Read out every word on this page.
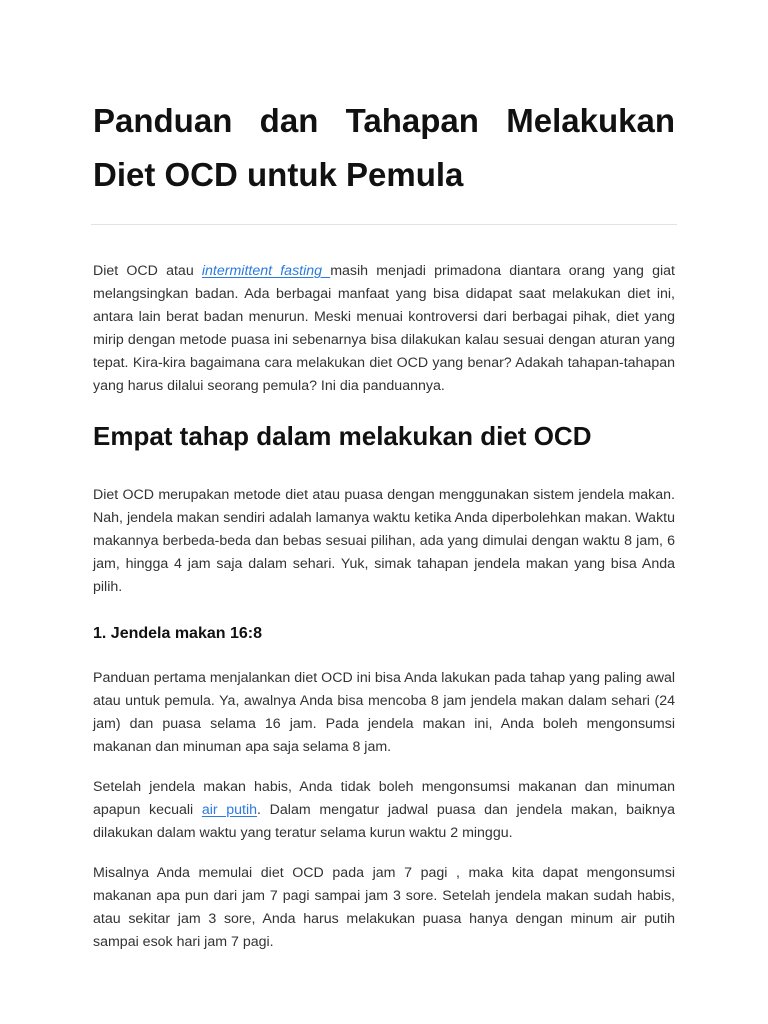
Panduan dan Tahapan Melakukan Diet OCD untuk Pemula

Diet OCD atau intermittent fasting masih menjadi primadona diantara orang yang giat melangsingkan badan. Ada berbagai manfaat yang bisa didapat saat melakukan diet ini, antara lain berat badan menurun. Meski menuai kontroversi dari berbagai pihak, diet yang mirip dengan metode puasa ini sebenarnya bisa dilakukan kalau sesuai dengan aturan yang tepat. Kira-kira bagaimana cara melakukan diet OCD yang benar? Adakah tahapan-tahapan yang harus dilalui seorang pemula? Ini dia panduannya.

Empat tahap dalam melakukan diet OCD

Diet OCD merupakan metode diet atau puasa dengan menggunakan sistem jendela makan. Nah, jendela makan sendiri adalah lamanya waktu ketika Anda diperbolehkan makan. Waktu makannya berbeda-beda dan bebas sesuai pilihan, ada yang dimulai dengan waktu 8 jam, 6 jam, hingga 4 jam saja dalam sehari. Yuk, simak tahapan jendela makan yang bisa Anda pilih.

1. Jendela makan 16:8

Panduan pertama menjalankan diet OCD ini bisa Anda lakukan pada tahap yang paling awal atau untuk pemula. Ya, awalnya Anda bisa mencoba 8 jam jendela makan dalam sehari (24 jam) dan puasa selama 16 jam. Pada jendela makan ini, Anda boleh mengonsumsi makanan dan minuman apa saja selama 8 jam.

Setelah jendela makan habis, Anda tidak boleh mengonsumsi makanan dan minuman apapun kecuali air putih. Dalam mengatur jadwal puasa dan jendela makan, baiknya dilakukan dalam waktu yang teratur selama kurun waktu 2 minggu.

Misalnya Anda memulai diet OCD pada jam 7 pagi , maka kita dapat mengonsumsi makanan apa pun dari jam 7 pagi sampai jam 3 sore. Setelah jendela makan sudah habis, atau sekitar jam 3 sore, Anda harus melakukan puasa hanya dengan minum air putih sampai esok hari jam 7 pagi.
